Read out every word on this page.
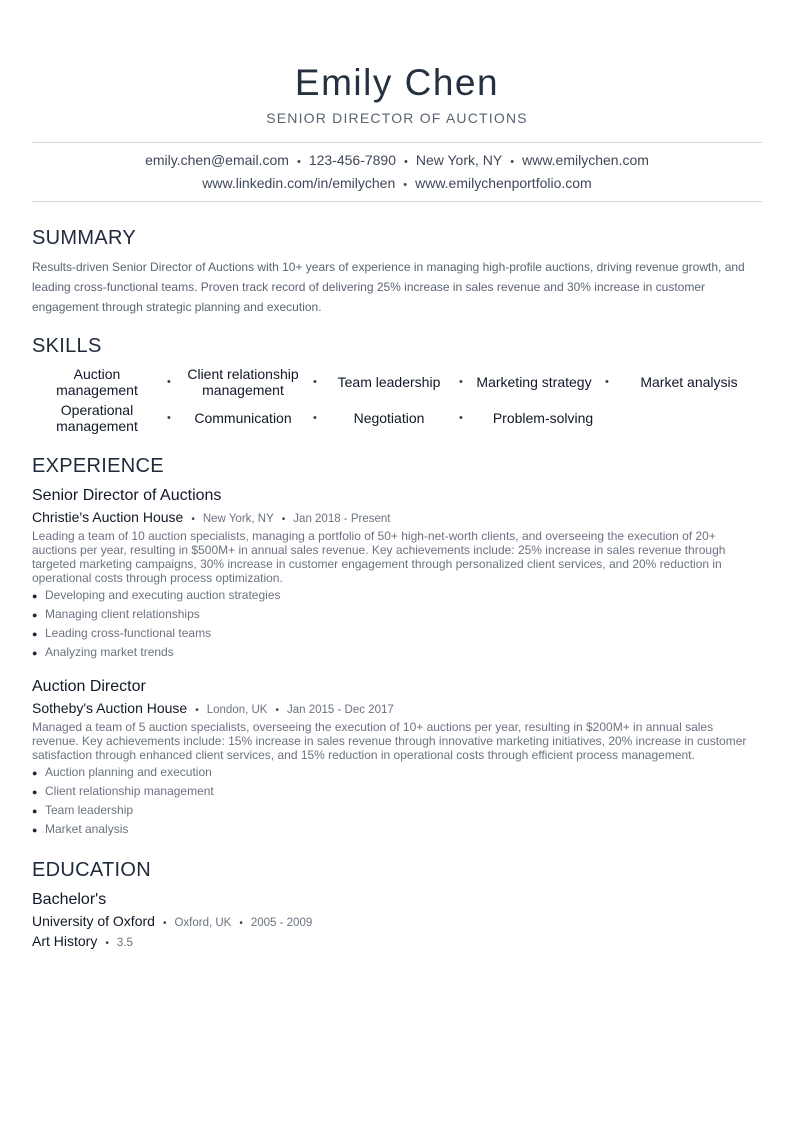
Emily Chen
SENIOR DIRECTOR OF AUCTIONS
emily.chen@email.com • 123-456-7890 • New York, NY • www.emilychen.com
www.linkedin.com/in/emilychen • www.emilychenportfolio.com
SUMMARY
Results-driven Senior Director of Auctions with 10+ years of experience in managing high-profile auctions, driving revenue growth, and leading cross-functional teams. Proven track record of delivering 25% increase in sales revenue and 30% increase in customer engagement through strategic planning and execution.
SKILLS
Auction management	•	Client relationship management	•	Team leadership	• Marketing strategy	•	Market analysis
Operational management	•	Communication	•	Negotiation	•	Problem-solving
EXPERIENCE
Senior Director of Auctions
Christie's Auction House • New York, NY • Jan 2018 - Present
Leading a team of 10 auction specialists, managing a portfolio of 50+ high-net-worth clients, and overseeing the execution of 20+ auctions per year, resulting in $500M+ in annual sales revenue. Key achievements include: 25% increase in sales revenue through targeted marketing campaigns, 30% increase in customer engagement through personalized client services, and 20% reduction in operational costs through process optimization.
● Developing and executing auction strategies
● Managing client relationships
● Leading cross-functional teams
● Analyzing market trends
Auction Director
Sotheby's Auction House • London, UK • Jan 2015 - Dec 2017
Managed a team of 5 auction specialists, overseeing the execution of 10+ auctions per year, resulting in $200M+ in annual sales revenue. Key achievements include: 15% increase in sales revenue through innovative marketing initiatives, 20% increase in customer satisfaction through enhanced client services, and 15% reduction in operational costs through efficient process management.
● Auction planning and execution
● Client relationship management
● Team leadership
● Market analysis
EDUCATION
Bachelor's
University of Oxford • Oxford, UK • 2005 - 2009
Art History • 3.5
